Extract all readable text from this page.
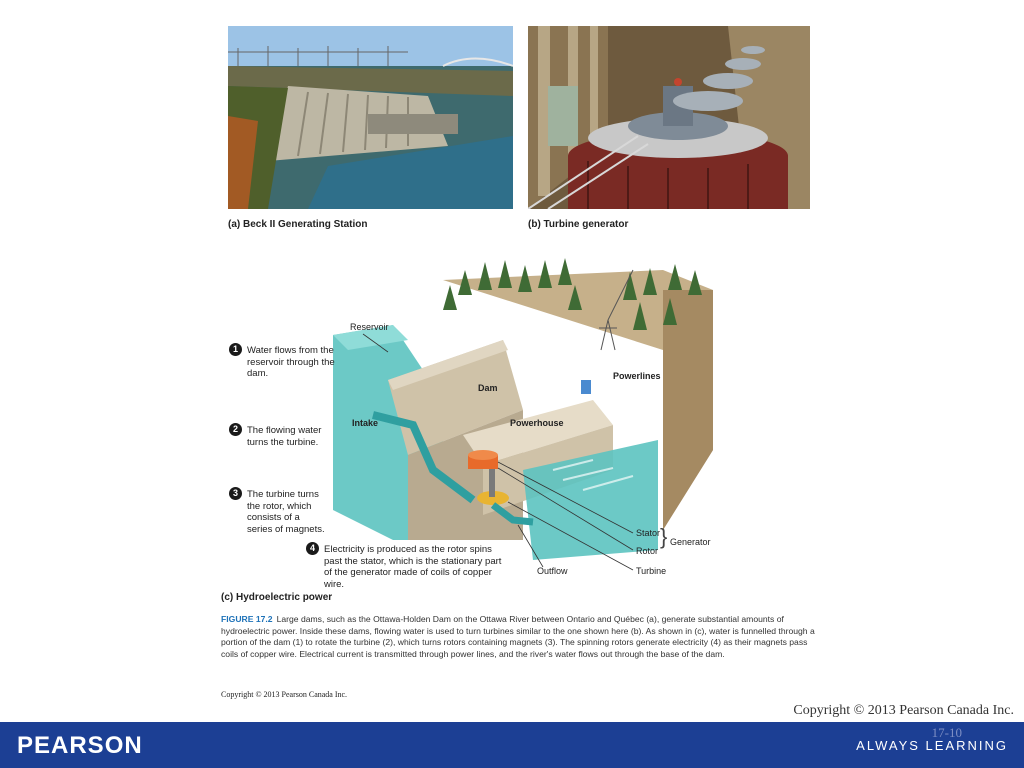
(a) Beck II Generating Station	(b) Turbine generator
Reservoir
Dam
Intake	Powerhouse
Powerlines
Stator
Rotor
} Generator
Outflow	Turbine
1 Water flows from the reservoir through the dam.
2 The flowing water turns the turbine.
3 The turbine turns the rotor, which consists of a series of magnets.
4 Electricity is produced as the rotor spins past the stator, which is the stationary part of the generator made of coils of copper wire.
(c) Hydroelectric power
FIGURE 17.2 Large dams, such as the Ottawa-Holden Dam on the Ottawa River between Ontario and Québec (a), generate substantial amounts of hydroelectric power. Inside these dams, flowing water is used to turn turbines similar to the one shown here (b). As shown in (c), water is funnelled through a portion of the dam (1) to rotate the turbine (2), which turns rotors containing magnets (3). The spinning rotors generate electricity (4) as their magnets pass coils of copper wire. Electrical current is transmitted through power lines, and the river's water flows out through the base of the dam.
Copyright © 2013 Pearson Canada Inc.
Copyright © 2013 Pearson Canada Inc.
PEARSON	17-10
ALWAYS LEARNING
